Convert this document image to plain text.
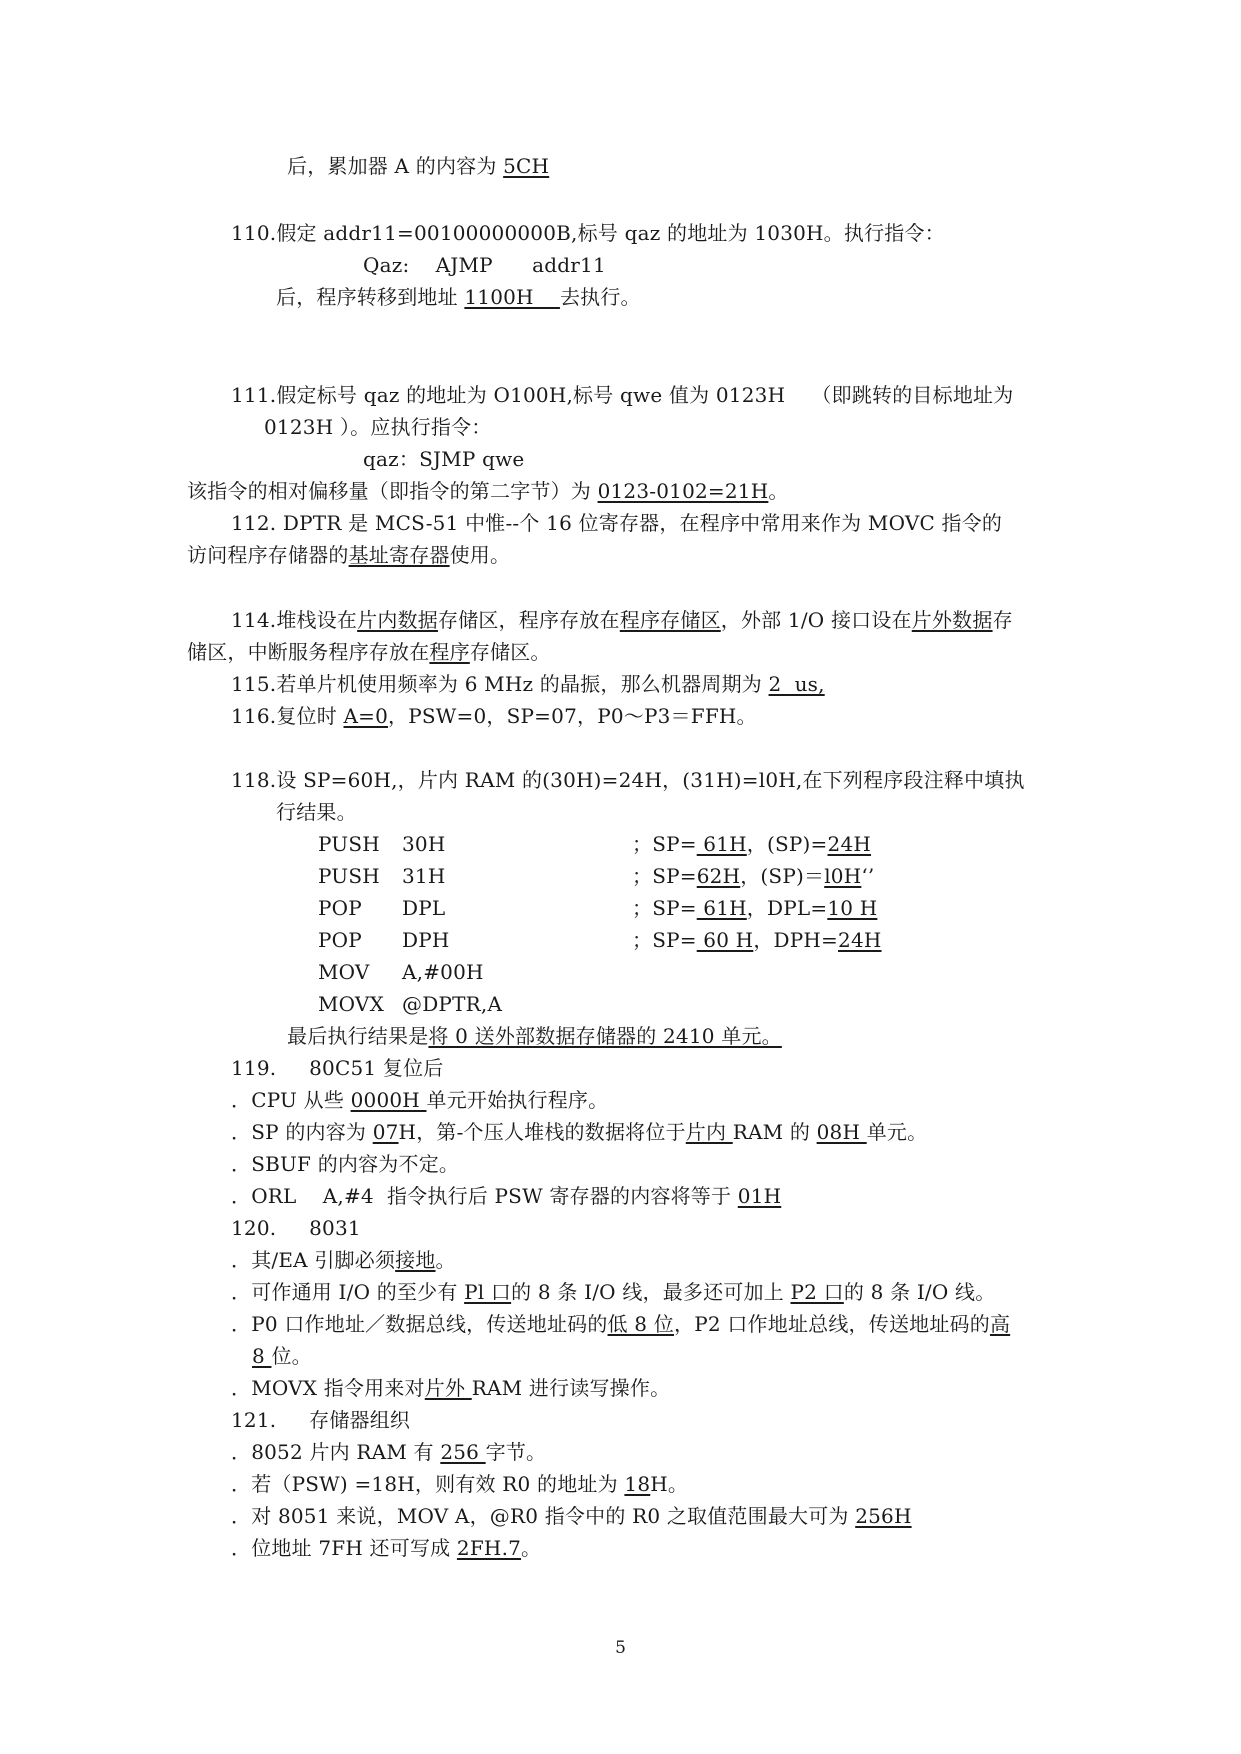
后，累加器 A 的内容为 5CH
110.假定 addr11=00100000000B,标号 qaz 的地址为 1030H。执行指令：
Qaz:    AJMP      addr11
后，程序转移到地址 1100H    去执行。
111.假定标号 qaz 的地址为 O100H,标号 qwe 值为 0123H    （即跳转的目标地址为
0123H ）。应执行指令：
qaz：SJMP qwe
该指令的相对偏移量（即指令的第二字节）为 0123-0102=21H。
112. DPTR 是 MCS-51 中惟--个 16 位寄存器，在程序中常用来作为 MOVC 指令的
访问程序存储器的基址寄存器使用。
114.堆栈设在片内数据存储区，程序存放在程序存储区，外部 1/O 接口设在片外数据存
储区，中断服务程序存放在程序存储区。
115.若单片机使用频率为 6 MHz 的晶振，那么机器周期为 2  us,
116.复位时 A=0，PSW=0，SP=07，P0～P3＝FFH。
118.设 SP=60H,，片内 RAM 的(30H)=24H，(31H)=l0H,在下列程序段注释中填执
行结果。
PUSH 30H	；SP= 61H，(SP)=24H
PUSH 31H	；SP=62H，(SP)＝l0H‘’
POP DPL	；SP= 61H，DPL=10 H
POP DPH	；SP= 60 H，DPH=24H
MOV A,#00H
MOVX @DPTR,A
最后执行结果是将 0 送外部数据存储器的 2410 单元。
119.     80C51 复位后
．CPU 从些 0000H 单元开始执行程序。
．SP 的内容为 07H，第-个压人堆栈的数据将位于片内 RAM 的 08H 单元。
．SBUF 的内容为不定。
．ORL    A,#4  指令执行后 PSW 寄存器的内容将等于 01H
120.     8031
．其/EA 引脚必须接地。
．可作通用 I/O 的至少有 Pl 口的 8 条 I/O 线，最多还可加上 P2 口的 8 条 I/O 线。
．P0 口作地址／数据总线，传送地址码的低 8 位，P2 口作地址总线，传送地址码的高
8 位。
．MOVX 指令用来对片外 RAM 进行读写操作。
121.     存储器组织
．8052 片内 RAM 有 256 字节。
．若（PSW) =18H，则有效 R0 的地址为 18H。
．对 8051 来说，MOV A，@R0 指令中的 R0 之取值范围最大可为 256H
．位地址 7FH 还可写成 2FH.7。
5
